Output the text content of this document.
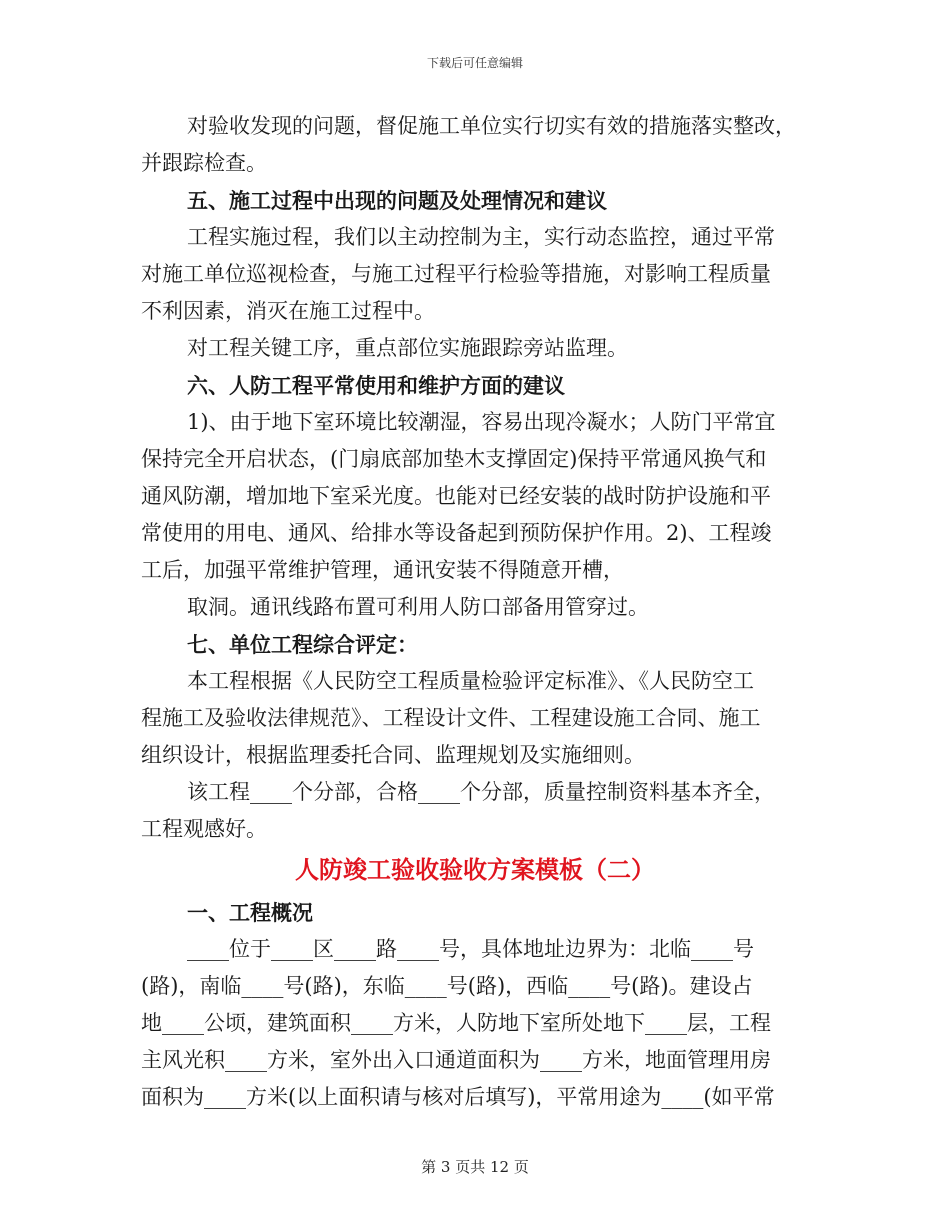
下载后可任意编辑
对验收发现的问题，督促施工单位实行切实有效的措施落实整改，
并跟踪检查。
五、施工过程中出现的问题及处理情况和建议
工程实施过程，我们以主动控制为主，实行动态监控，通过平常
对施工单位巡视检查，与施工过程平行检验等措施，对影响工程质量
不利因素，消灭在施工过程中。
对工程关键工序，重点部位实施跟踪旁站监理。
六、人防工程平常使用和维护方面的建议
1)、由于地下室环境比较潮湿，容易出现冷凝水；人防门平常宜
保持完全开启状态，(门扇底部加垫木支撑固定)保持平常通风换气和
通风防潮，增加地下室采光度。也能对已经安装的战时防护设施和平
常使用的用电、通风、给排水等设备起到预防保护作用。2)、工程竣
工后，加强平常维护管理，通讯安装不得随意开槽，
取洞。通讯线路布置可利用人防口部备用管穿过。
七、单位工程综合评定：
本工程根据《人民防空工程质量检验评定标准》、《人民防空工
程施工及验收法律规范》、工程设计文件、工程建设施工合同、施工
组织设计，根据监理委托合同、监理规划及实施细则。
该工程____个分部，合格____个分部，质量控制资料基本齐全，
工程观感好。
人防竣工验收验收方案模板（二）
一、工程概况
____位于____区____路____号，具体地址边界为：北临____号
(路)，南临____号(路)，东临____号(路)，西临____号(路)。建设占
地____公顷，建筑面积____方米，人防地下室所处地下____层，工程
主风光积____方米，室外出入口通道面积为____方米，地面管理用房
面积为____方米(以上面积请与核对后填写)，平常用途为____(如平常
第 3 页共 12 页
